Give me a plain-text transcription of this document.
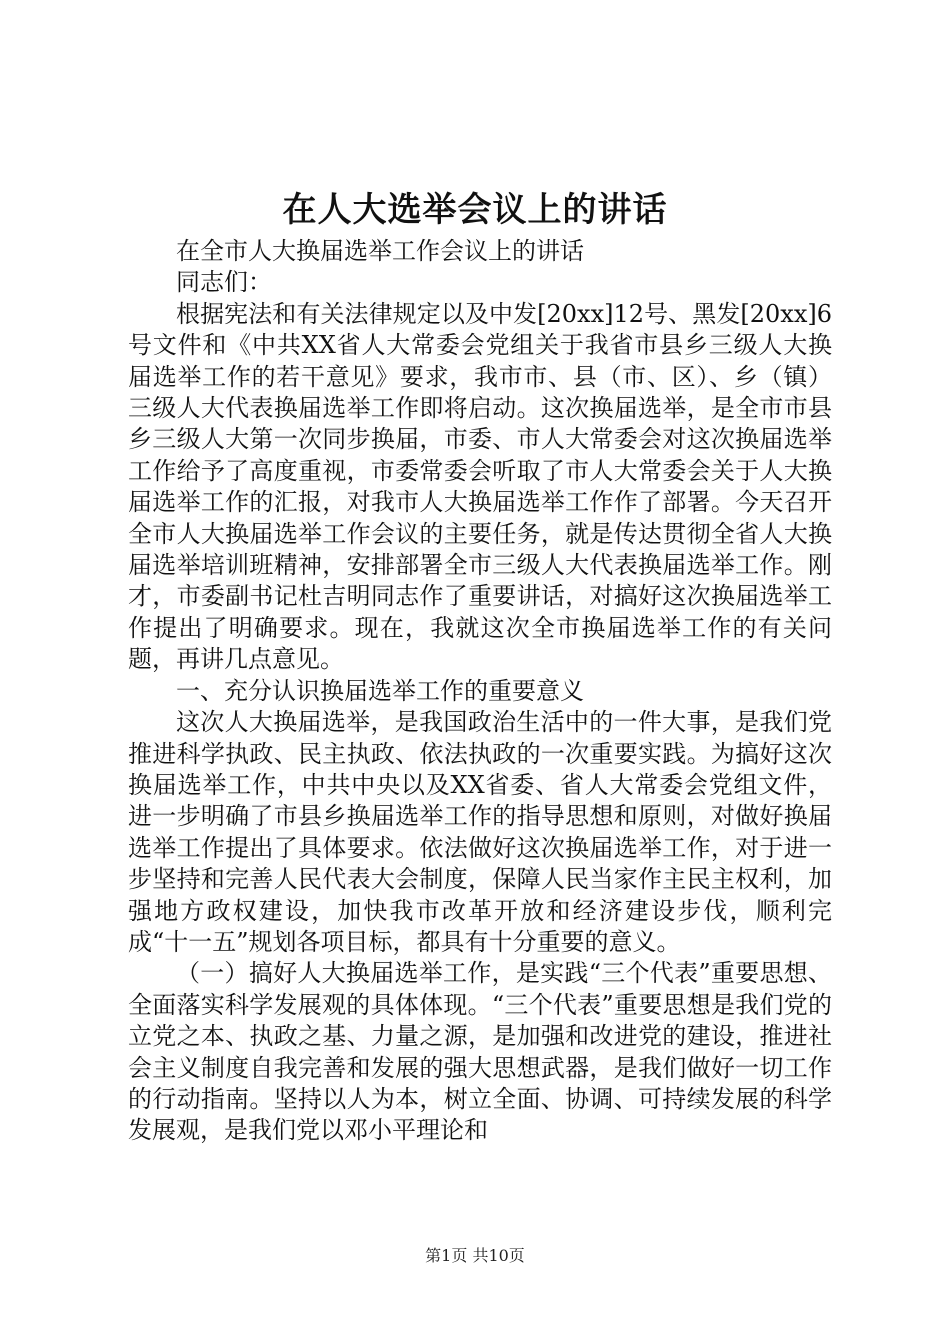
在人大选举会议上的讲话

在全市人大换届选举工作会议上的讲话

同志们：

根据宪法和有关法律规定以及中发[20xx]12号、黑发[20xx]6号文件和《中共XX省人大常委会党组关于我省市县乡三级人大换届选举工作的若干意见》要求，我市市、县（市、区）、乡（镇）三级人大代表换届选举工作即将启动。这次换届选举，是全市市县乡三级人大第一次同步换届，市委、市人大常委会对这次换届选举工作给予了高度重视，市委常委会听取了市人大常委会关于人大换届选举工作的汇报，对我市人大换届选举工作作了部署。今天召开全市人大换届选举工作会议的主要任务，就是传达贯彻全省人大换届选举培训班精神，安排部署全市三级人大代表换届选举工作。刚才，市委副书记杜吉明同志作了重要讲话，对搞好这次换届选举工作提出了明确要求。现在，我就这次全市换届选举工作的有关问题，再讲几点意见。

一、充分认识换届选举工作的重要意义

这次人大换届选举，是我国政治生活中的一件大事，是我们党推进科学执政、民主执政、依法执政的一次重要实践。为搞好这次换届选举工作，中共中央以及XX省委、省人大常委会党组文件，进一步明确了市县乡换届选举工作的指导思想和原则，对做好换届选举工作提出了具体要求。依法做好这次换届选举工作，对于进一步坚持和完善人民代表大会制度，保障人民当家作主民主权利，加强地方政权建设，加快我市改革开放和经济建设步伐，顺利完成“十一五”规划各项目标，都具有十分重要的意义。

（一）搞好人大换届选举工作，是实践“三个代表”重要思想、全面落实科学发展观的具体体现。“三个代表”重要思想是我们党的立党之本、执政之基、力量之源，是加强和改进党的建设，推进社会主义制度自我完善和发展的强大思想武器，是我们做好一切工作的行动指南。坚持以人为本，树立全面、协调、可持续发展的科学发展观，是我们党以邓小平理论和

第1页 共10页
